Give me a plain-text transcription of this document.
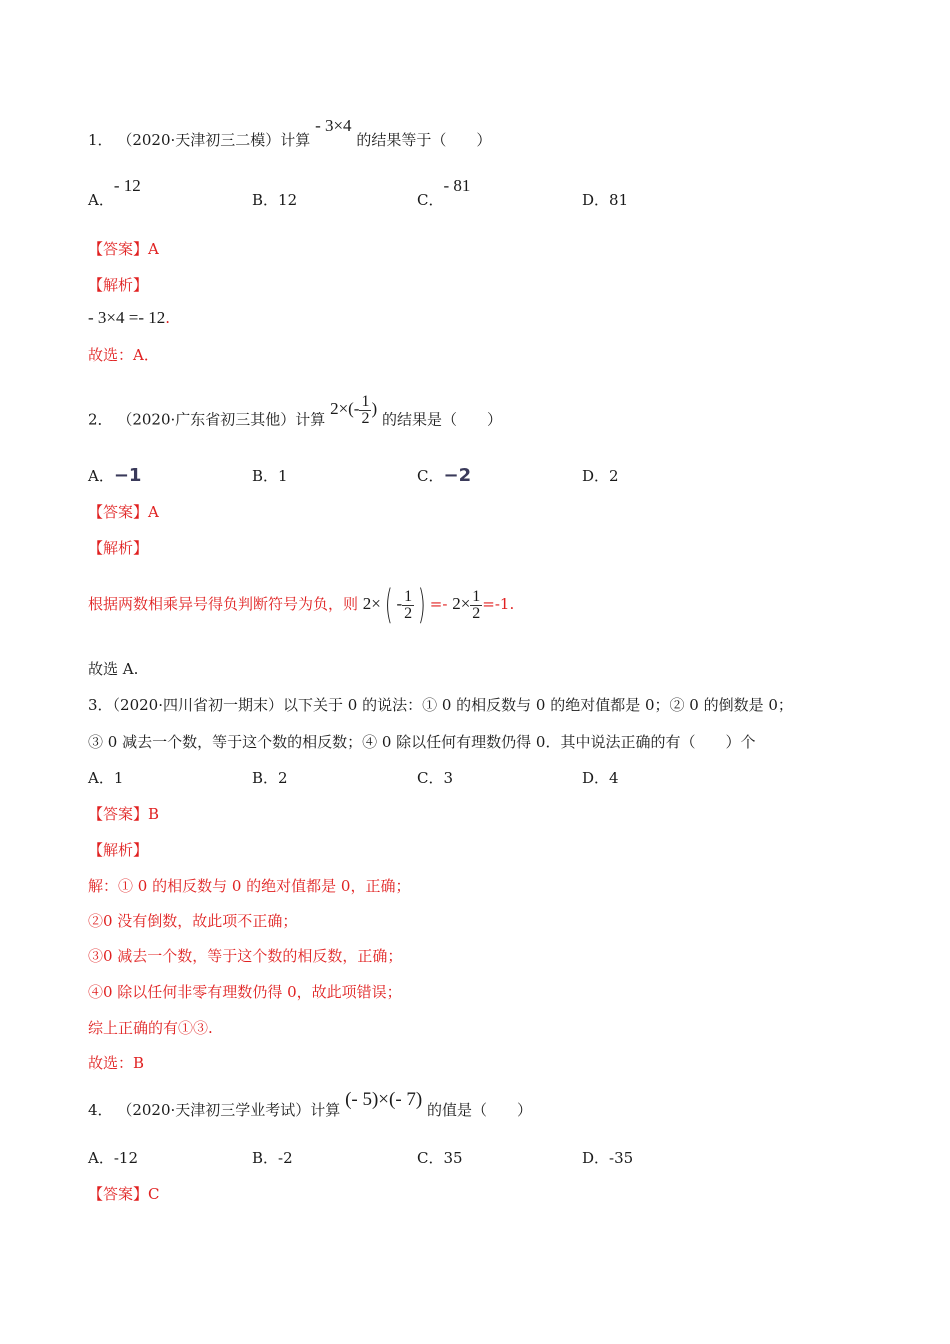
1． （2020·天津初三二模）计算 - 3×4 的结果等于（　　）
A．- 12
B．12	C．- 81
D．81
【答案】A
【解析】
- 3×4 =- 12.
故选：A．
2． （2020·广东省初三其他）计算 $2\times(- \frac{1}{2}$ ) 的结果是（　　）
A．−1	B．1	C．−2	D．2
【答案】A
【解析】
根据两数相乘异号得负判断符号为负，则 $2\times( - \frac{1}{2}$ ) =- $2\times \frac{1}{2} =-1$.
故选 A.
3．（2020·四川省初一期末）以下关于 0 的说法：① 0 的相反数与 0 的绝对值都是 0；② 0 的倒数是 0；
③ 0 减去一个数，等于这个数的相反数；④ 0 除以任何有理数仍得 0．其中说法正确的有（　　）个
A．1	B．2	C．3	D．4
【答案】B
【解析】
解：① 0 的相反数与 0 的绝对值都是 0，正确；
②0 没有倒数，故此项不正确；
③0 减去一个数，等于这个数的相反数，正确；
④0 除以任何非零有理数仍得 0，故此项错误；
综上正确的有①③.
故选：B
4． （2020·天津初三学业考试）计算 (- 5)×(- 7) 的值是（　　）
A．-12	B．-2	C．35	D．-35
【答案】C
